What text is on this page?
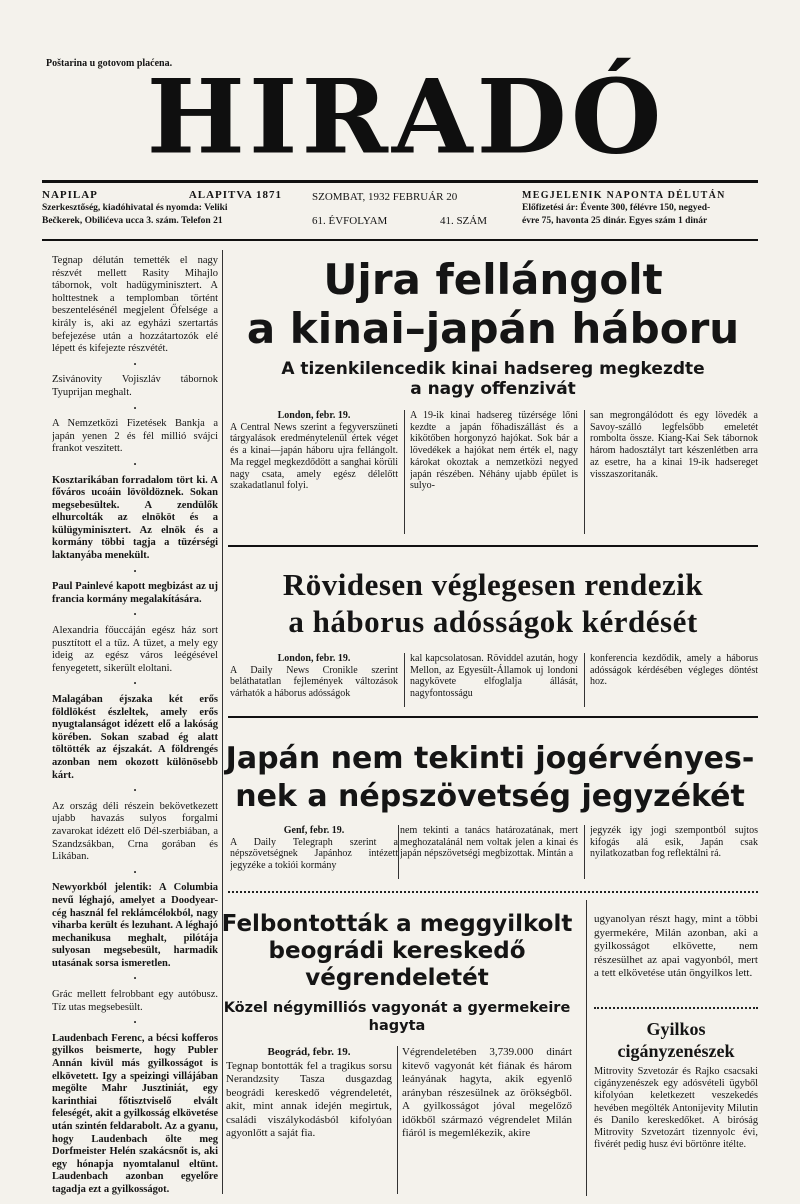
Poštarina u gotovom plaćena.
HIRADÓ
NAPILAP	ALAPITVA 1871
Szerkesztőség, kiadóhivatal és nyomda: Veliki
Bečkerek, Obilićeva ucca 3. szám. Telefon 21
SZOMBAT, 1932 FEBRUÁR 20
61. ÉVFOLYAM	41. SZÁM
MEGJELENIK NAPONTA DÉLUTÁN
Előfizetési ár: Évente 300, félévre 150, negyed-
évre 75, havonta 25 dinár. Egyes szám 1 dinár

Tegnap délután temették el nagy részvét mellett Rasity Mihajlo tábornok, volt hadügyminisztert. A holttestnek a templomban történt beszentelésénél megjelent Őfelsége a király is, aki az egyházi szertartás befejezése után a hozzátartozók elé lépett és kifejezte részvétét.

•

Zsivánovity Vojiszláv tábornok Tyuprijan meghalt.

•

A Nemzetközi Fizetések Bankja a japán yenen 2 és fél millió svájci frankot veszitett.

•

Kosztarikában forradalom tört ki. A főváros ucoáin lövöldöznek. Sokan megsebesültek. A zendülők elhurcolták az elnököt és a külügyminisztert. Az elnök és a kormány többi tagja a tüzérségi laktanyába menekült.

•

Paul Painlevé kapott megbizást az uj francia kormány megalakítására.

•

Alexandria főuccáján egész ház sort pusztított el a tűz. A tüzet, a mely egy ideig az egész város leégésével fenyegetett, sikerült eloltani.

•

Malagában éjszaka két erős földlökést észleltek, amely erős nyugtalanságot idézett elő a lakóság körében. Sokan szabad ég alatt töltötték az éjszakát. A földrengés azonban nem okozott különösebb kárt.

•

Az ország déli részein bekövetkezett ujabb havazás sulyos forgalmi zavarokat idézett elő Dél-szerbiában, a Szandzsákban, Crna gorában és Likában.

•

Newyorkból jelentik: A Columbia nevű léghajó, amelyet a Doodyear-cég használ fel reklámcélokból, nagy viharba került és lezuhant. A léghajó mechanikusa meghalt, pilótája sulyosan megsebesült, harmadik utasának sorsa ismeretlen.

•

Grác mellett felrobbant egy autóbusz. Tíz utas megsebesült.

•

Laudenbach Ferenc, a bécsi kofferos gyilkos beismerte, hogy Publer Annán kivül más gyilkosságot is elkövetett. Igy a speizingi villájában megölte Mahr Jusztiniát, egy karinthiai főtisztviselő elvált feleségét, akit a gyilkosság elkövetése után szintén feldarabolt. Az a gyanu, hogy Laudenbach ölte meg Dorfmeister Helén szakácsnőt is, aki egy hónapja nyomtalanul eltünt. Laudenbach azonban egyelőre tagadja ezt a gyilkosságot.

Ujra fellángolt
a kinai–japán háboru
A tizenkilencedik kinai hadsereg megkezdte
a nagy offenzivát
London, febr. 19.
A Central News szerint a fegyverszüneti tárgyalások eredménytelenül értek véget és a kinai—japán háboru ujra fellángolt. Ma reggel megkezdődött a sanghai körüli nagy csata, amely egész délelőtt szakadatlanul folyi.
A 19-ik kinai hadsereg tüzérsége lőni kezdte a japán főhadiszállást és a kikötőben horgonyzó hajókat. Sok bár a lövedékek a hajókat nem érték el, nagy károkat okoztak a nemzetközi negyed japán részében. Néhány ujabb épület is sulyo-
san megrongálódott és egy lövedék a Savoy-szálló legfelsőbb emeletét rombolta össze. Kiang-Kai Sek tábornok három hadosztályt tart készenlétben arra az esetre, ha a kinai 19-ik hadsereget visszaszoritanák.
Rövidesen véglegesen rendezik
a háborus adósságok kérdését
London, febr. 19.
A Daily News Cronikle szerint beláthatatlan fejlemények változások várhatók a háborus adósságok
kal kapcsolatosan. Röviddel azután, hogy Mellon, az Egyesült-Államok uj londoni nagykövete elfoglalja állását, nagyfontosságu
konferencia kezdődik, amely a háborus adósságok kérdésében végleges döntést hoz.
Japán nem tekinti jogérvényes-
nek a népszövetség jegyzékét
Genf, febr. 19.
A Daily Telegraph szerint a népszövetségnek Japánhoz intézett jegyzéke a tokiói kormány
nem tekinti a tanács határozatának, mert meghozatalánál nem voltak jelen a kinai és japán népszövetségi megbizottak. Mintán a
jegyzék igy jogi szempontból sujtos kifogás alá esik, Japán csak nyilatkozatban fog reflektálni rá.
Felbontották a meggyilkolt
beográdi kereskedő
végrendeletét
Közel négymilliós vagyonát a gyermekeire
hagyta
Beográd, febr. 19.
Tegnap bontották fel a tragikus sorsu Nerandzsity Tasza dusgazdag beográdi kereskedő végrendeletét, akit, mint annak idején megirtuk, családi viszálykodásból kifolyóan agyonlőtt a saját fia.
Végrendeletében 3,739.000 dinárt kitevő vagyonát két fiának és három leányának hagyta, akik egyenlő arányban részesülnek az örökségből. A gyilkosságot jóval megelőző időkből származó végrendelet Milán fiáról is megemlékezik, akire
ugyanolyan részt hagy, mint a többi gyermekére, Milán azonban, aki a gyilkosságot elkövette, nem részesülhet az apai vagyonból, mert a tett elkövetése után öngyilkos lett.
Gyilkos
cigányzenészek
Mitrovity Szvetozár és Rajko csacsaki cigányzenészek egy adósvételi ügyből kifolyóan keletkezett veszekedés hevében megölték Antonijevity Milutin és Danilo kereskedőket. A biróság Mitrovity Szvetozárt tizennyolc évi, fivérét pedig husz évi börtönre itélte.
